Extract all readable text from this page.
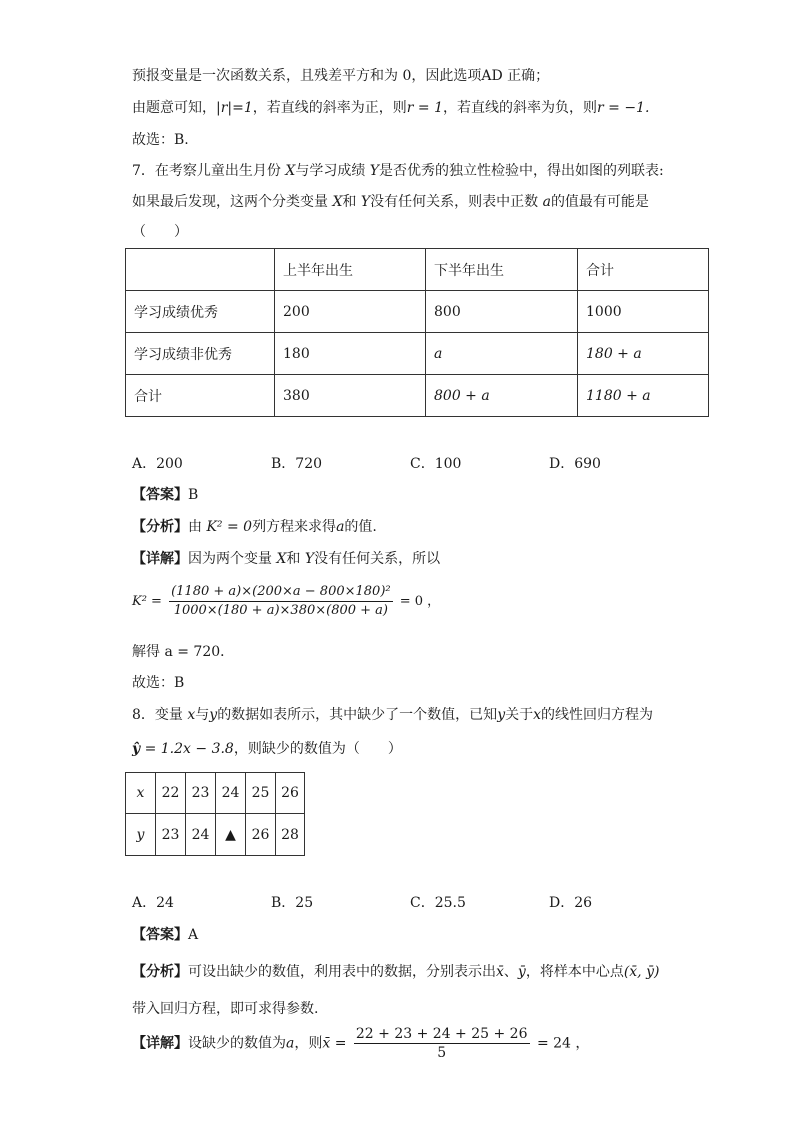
预报变量是一次函数关系，且残差平方和为 0，因此选项AD 正确；
由题意可知，|r|=1，若直线的斜率为正，则r = 1，若直线的斜率为负，则r = −1.
故选：B.
7．在考察儿童出生月份 X与学习成绩 Y是否优秀的独立性检验中，得出如图的列联表:
如果最后发现，这两个分类变量 X和 Y没有任何关系，则表中正数 a的值最有可能是
（　　）
	上半年出生	下半年出生	合计
学习成绩优秀	200	800	1000
学习成绩非优秀	180	a	180 + a
合计	380	800 + a	1180 + a
A．200	B．720	C．100	D．690
【答案】B
【分析】由 K² = 0列方程来求得a的值.
【详解】因为两个变量 X和 Y没有任何关系，所以
$K^2 = \frac{\text{(1180 + a)×(200×a − 800×180)²}}{1000\times(180 + a)\times 380\times(800 + a)} = 0$ ，
解得 a = 720．
故选：B
8．变量 x与y的数据如表所示，其中缺少了一个数值，已知y关于x的线性回归方程为
ŷ = 1.2x − 3.8，则缺少的数值为（　　）
x	22	23	24	25	26
y	23	24	▲	26	28
A．24	B．25	C．25.5	D．26
【答案】A
【分析】可设出缺少的数值，利用表中的数据，分别表示出x̄、ȳ，将样本中心点(x̄, ȳ)
带入回归方程，即可求得参数.
【详解】设缺少的数值为a，则x̄ = $\frac{22 + 23 + 24 + 25 + 26}{5} = 24$ ，
